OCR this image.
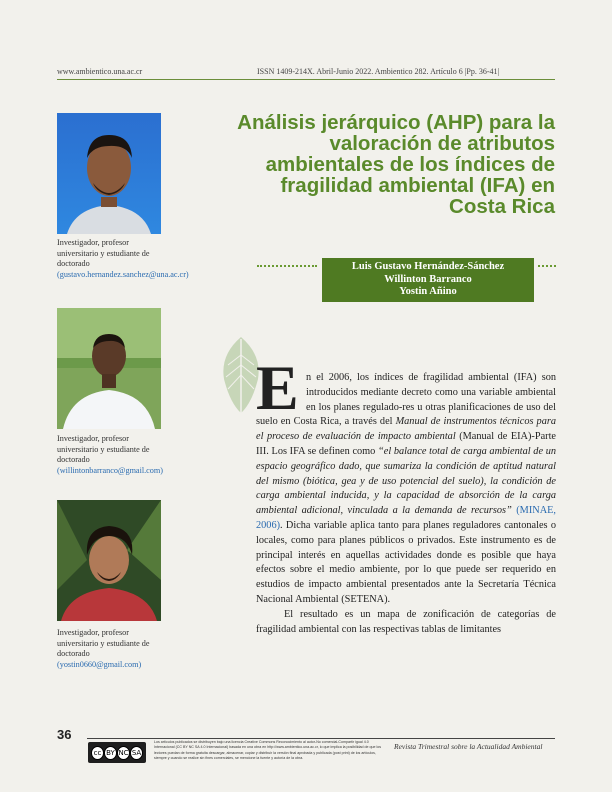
www.ambientico.una.ac.cr	ISSN 1409-214X. Abril-Junio 2022. Ambientico 282. Artículo 6 |Pp. 36-41|
Investigador, profesor universitario y estudiante de doctorado (gustavo.hernandez.sanchez@una.ac.cr)
Investigador, profesor universitario y estudiante de doctorado (willintonbarranco@gmail.com)
Investigador, profesor universitario y estudiante de doctorado (yostin0660@gmail.com)
Análisis jerárquico (AHP) para la valoración de atributos ambientales de los índices de fragilidad ambiental (IFA) en Costa Rica
Luis Gustavo Hernández-Sánchez
Willinton Barranco
Yostin Añino
E n el 2006, los índices de fragilidad ambiental (IFA) son introducidos mediante decreto como una variable ambiental en los planes regulado-res u otras planificaciones de uso del suelo en Costa Rica, a través del Manual de instrumentos técnicos para el proceso de evaluación de impacto ambiental (Manual de EIA)-Parte III. Los IFA se definen como “el balance total de carga ambiental de un espacio geográfico dado, que sumariza la condición de aptitud natural del mismo (biótica, gea y de uso potencial del suelo), la condición de carga ambiental inducida, y la capacidad de absorción de la carga ambiental adicional, vinculada a la demanda de recursos” (MINAE, 2006). Dicha variable aplica tanto para planes reguladores cantonales o locales, como para planes públicos o privados. Este instrumento es de principal interés en aquellas actividades donde es posible que haya efectos sobre el medio ambiente, por lo que puede ser requerido en estudios de impacto ambiental presentados ante la Secretaría Técnica Nacional Ambiental (SETENA).

El resultado es un mapa de zonificación de categorías de fragilidad ambiental con las respectivas tablas de limitantes

36
cc BY NC SA
Los artículos publicados se distribuyen bajo una licencia Creative Commons Reconocimiento al autor-No comercial-Compartir igual 4.0 Internacional (CC BY NC SA 4.0 Internacional) basada en una obra en http://www.ambientico.una.ac.cr, lo que implica la posibilidad de que los lectores puedan de forma gratuita descargar, almacenar, copiar y distribuir la versión final aprobada y publicada (post print) de los artículos, siempre y cuando se realice sin fines comerciales, se mencione la fuente y autoría de la obra.
Revista Trimestral sobre la Actualidad Ambiental
